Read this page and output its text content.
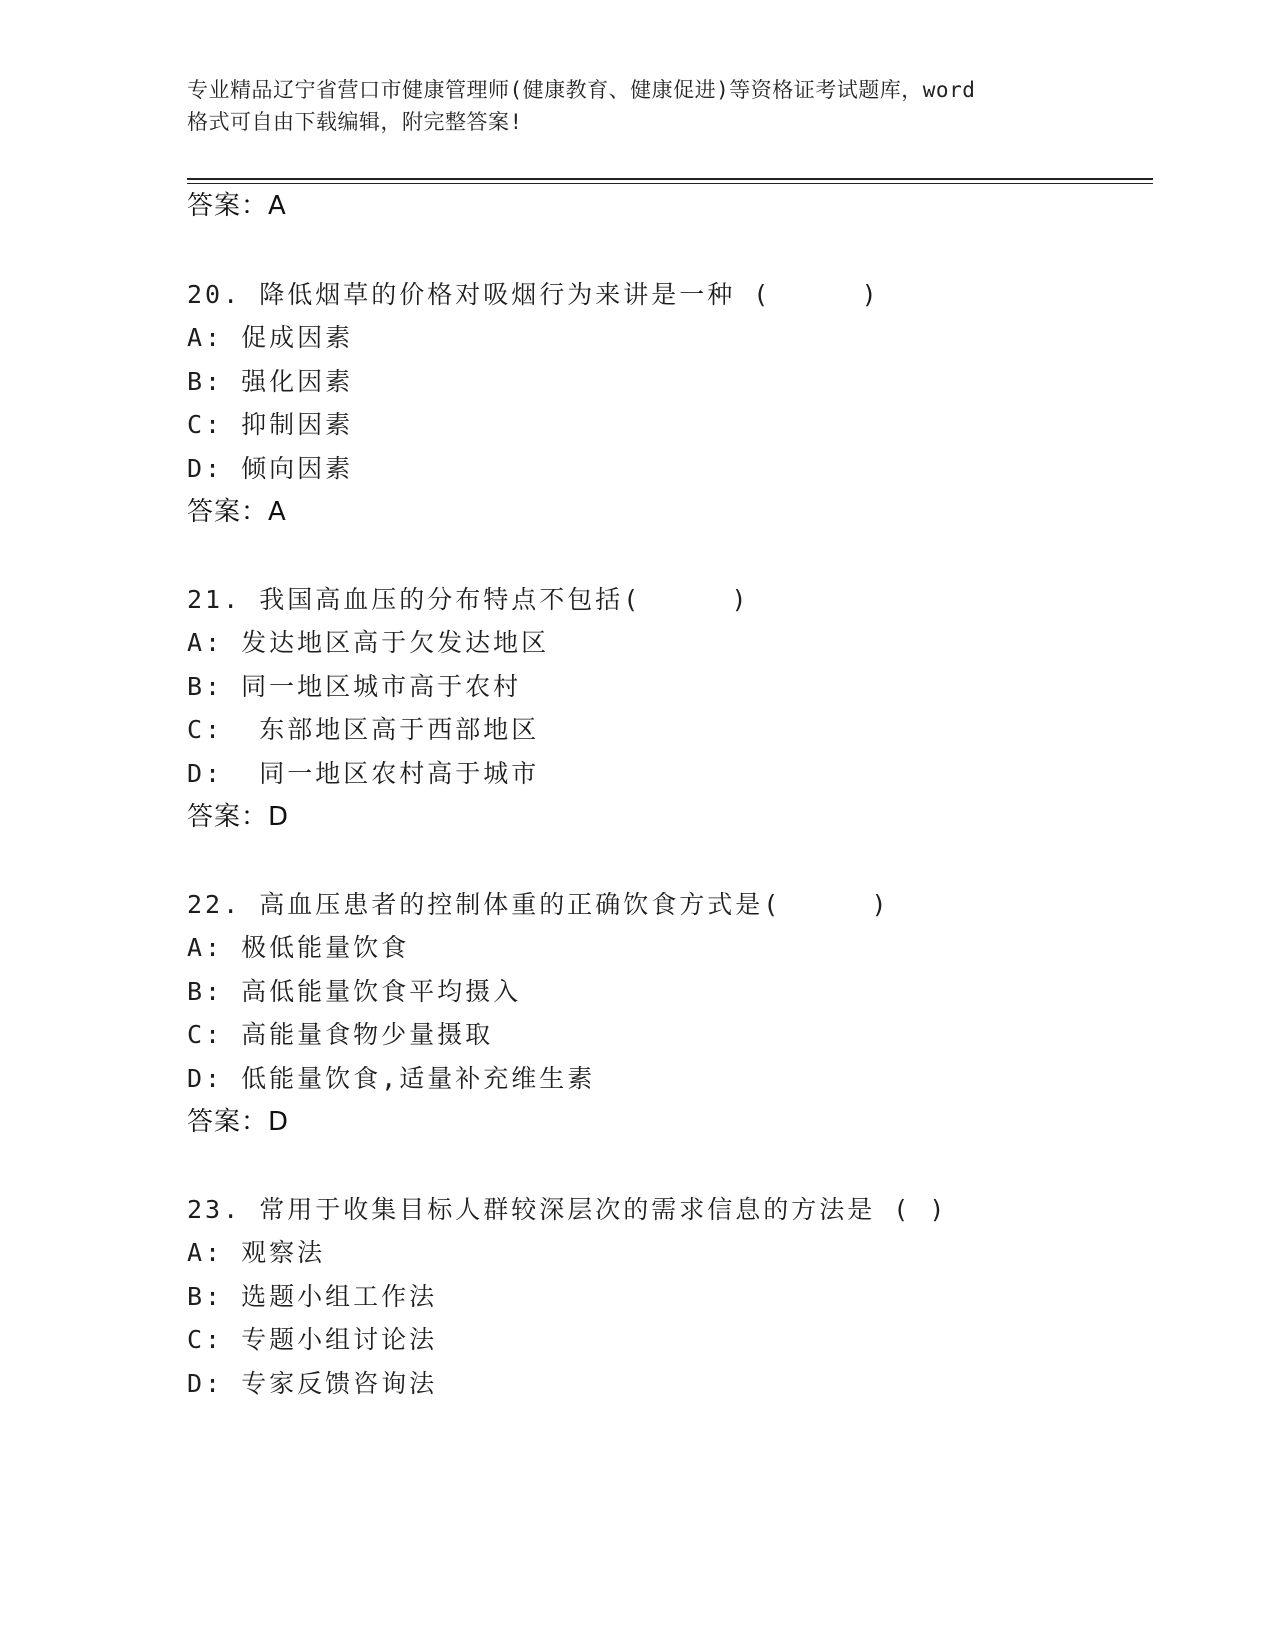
专业精品辽宁省营口市健康管理师(健康教育、健康促进)等资格证考试题库，word
格式可自由下载编辑，附完整答案!
答案：A
20. 降低烟草的价格对吸烟行为来讲是一种 (     )
A: 促成因素
B: 强化因素
C: 抑制因素
D: 倾向因素
答案：A
21. 我国高血压的分布特点不包括(     )
A: 发达地区高于欠发达地区
B: 同一地区城市高于农村
C:  东部地区高于西部地区
D:  同一地区农村高于城市
答案：D
22. 高血压患者的控制体重的正确饮食方式是(     )
A: 极低能量饮食
B: 高低能量饮食平均摄入
C: 高能量食物少量摄取
D: 低能量饮食,适量补充维生素
答案：D
23. 常用于收集目标人群较深层次的需求信息的方法是 ( )
A: 观察法
B: 选题小组工作法
C: 专题小组讨论法
D: 专家反馈咨询法
